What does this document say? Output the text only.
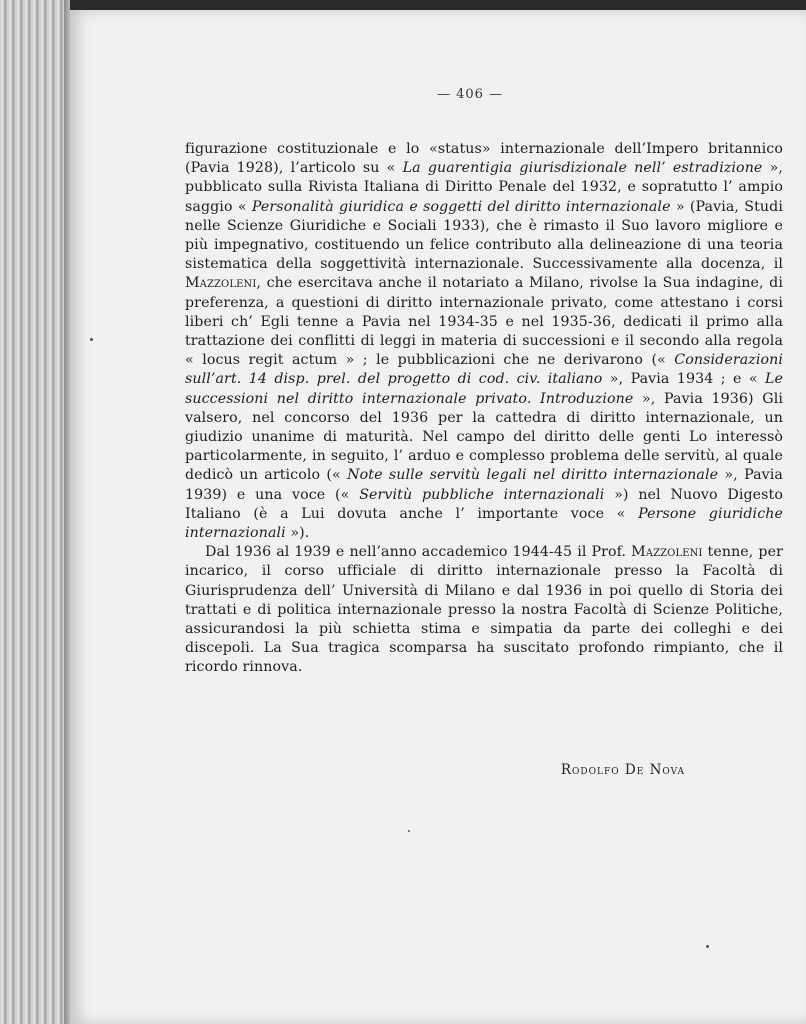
— 406 —

figurazione costituzionale e lo «status» internazionale dell’Impero britannico (Pavia 1928), l’articolo su « La guarentigia giurisdizionale nell’ estradizione », pubblicato sulla Rivista Italiana di Diritto Penale del 1932, e sopratutto l’ ampio saggio « Personalità giuridica e soggetti del diritto internazionale » (Pavia, Studi nelle Scienze Giuridiche e Sociali 1933), che è rimasto il Suo lavoro migliore e più impegnativo, costituendo un felice contributo alla delineazione di una teoria sistematica della soggettività internazionale. Successivamente alla docenza, il Mazzoleni, che esercitava anche il notariato a Milano, rivolse la Sua indagine, di preferenza, a questioni di diritto internazionale privato, come attestano i corsi liberi ch’ Egli tenne a Pavia nel 1934-35 e nel 1935-36, dedicati il primo alla trattazione dei conflitti di leggi in materia di successioni e il secondo alla regola « locus regit actum » ; le pubblicazioni che ne derivarono (« Considerazioni sull’art. 14 disp. prel. del progetto di cod. civ. italiano », Pavia 1934 ; e « Le successioni nel diritto internazionale privato. Introduzione », Pavia 1936) Gli valsero, nel concorso del 1936 per la cattedra di diritto internazionale, un giudizio unanime di maturità. Nel campo del diritto delle genti Lo interessò particolarmente, in seguito, l’ arduo e complesso problema delle servitù, al quale dedicò un articolo (« Note sulle servitù legali nel diritto internazionale », Pavia 1939) e una voce (« Servitù pubbliche internazionali ») nel Nuovo Digesto Italiano (è a Lui dovuta anche l’ importante voce « Persone giuridiche internazionali »).

Dal 1936 al 1939 e nell’anno accademico 1944-45 il Prof. Mazzoleni tenne, per incarico, il corso ufficiale di diritto internazionale presso la Facoltà di Giurisprudenza dell’ Università di Milano e dal 1936 in poi quello di Storia dei trattati e di politica internazionale presso la nostra Facoltà di Scienze Politiche, assicurandosi la più schietta stima e simpatia da parte dei colleghi e dei discepoli. La Sua tragica scomparsa ha suscitato profondo rimpianto, che il ricordo rinnova.

Rodolfo De Nova
